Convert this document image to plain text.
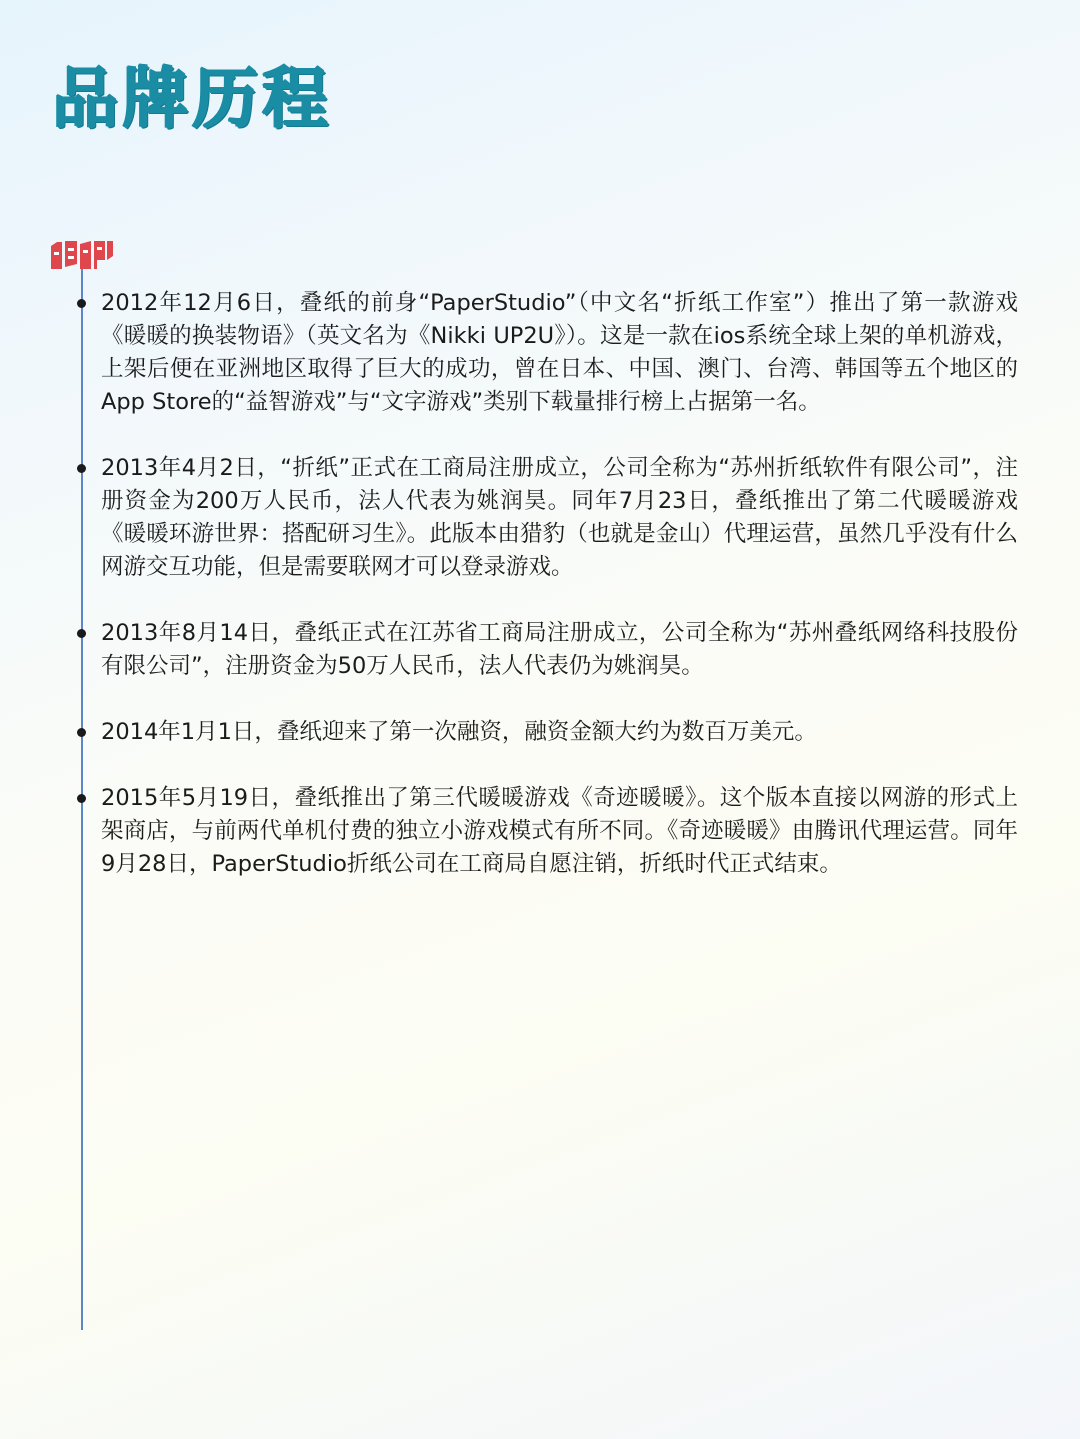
品牌历程
2012年12月6日，叠纸的前身“PaperStudio”（中文名“折纸工作室”）推出了第一款游戏《暖暖的换装物语》（英文名为《Nikki UP2U》）。这是一款在ios系统全球上架的单机游戏，上架后便在亚洲地区取得了巨大的成功，曾在日本、中国、澳门、台湾、韩国等五个地区的App Store的“益智游戏”与“文字游戏”类别下载量排行榜上占据第一名。
2013年4月2日，“折纸”正式在工商局注册成立，公司全称为“苏州折纸软件有限公司”，注册资金为200万人民币，法人代表为姚润昊。同年7月23日，叠纸推出了第二代暖暖游戏《暖暖环游世界：搭配研习生》。此版本由猎豹（也就是金山）代理运营，虽然几乎没有什么网游交互功能，但是需要联网才可以登录游戏。
2013年8月14日，叠纸正式在江苏省工商局注册成立，公司全称为“苏州叠纸网络科技股份有限公司”，注册资金为50万人民币，法人代表仍为姚润昊。
2014年1月1日，叠纸迎来了第一次融资，融资金额大约为数百万美元。
2015年5月19日，叠纸推出了第三代暖暖游戏《奇迹暖暖》。这个版本直接以网游的形式上架商店，与前两代单机付费的独立小游戏模式有所不同。《奇迹暖暖》由腾讯代理运营。同年9月28日，PaperStudio折纸公司在工商局自愿注销，折纸时代正式结束。
